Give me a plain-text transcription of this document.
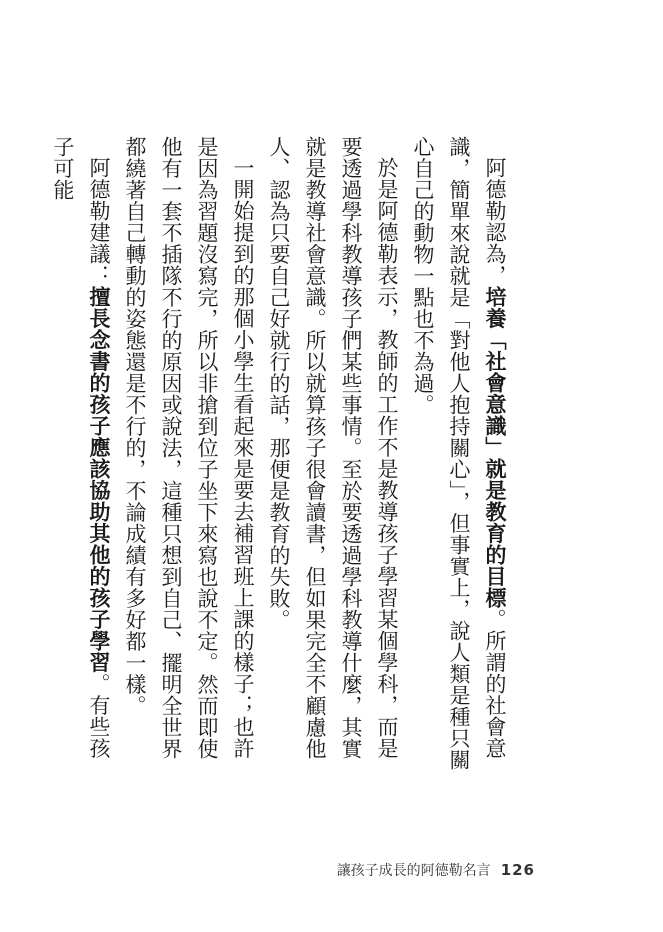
阿德勒認為，培養「社會意識」就是教育的目標。所謂的社會意識，簡單來說就是「對他人抱持關心」，但事實上，說人類是種只關心自己的動物一點也不為過。

於是阿德勒表示，教師的工作不是教導孩子學習某個學科，而是要透過學科教導孩子們某些事情。至於要透過學科教導什麼，其實就是教導社會意識。所以就算孩子很會讀書，但如果完全不顧慮他人、認為只要自己好就行的話，那便是教育的失敗。

一開始提到的那個小學生看起來是要去補習班上課的樣子；也許是因為習題沒寫完，所以非搶到位子坐下來寫也說不定。然而即使他有一套不插隊不行的原因或說法，這種只想到自己、擺明全世界都繞著自己轉動的姿態還是不行的，不論成績有多好都一樣。

阿德勒建議：擅長念書的孩子應該協助其他的孩子學習。有些孩子可能

讓孩子成長的阿德勒名言 126
